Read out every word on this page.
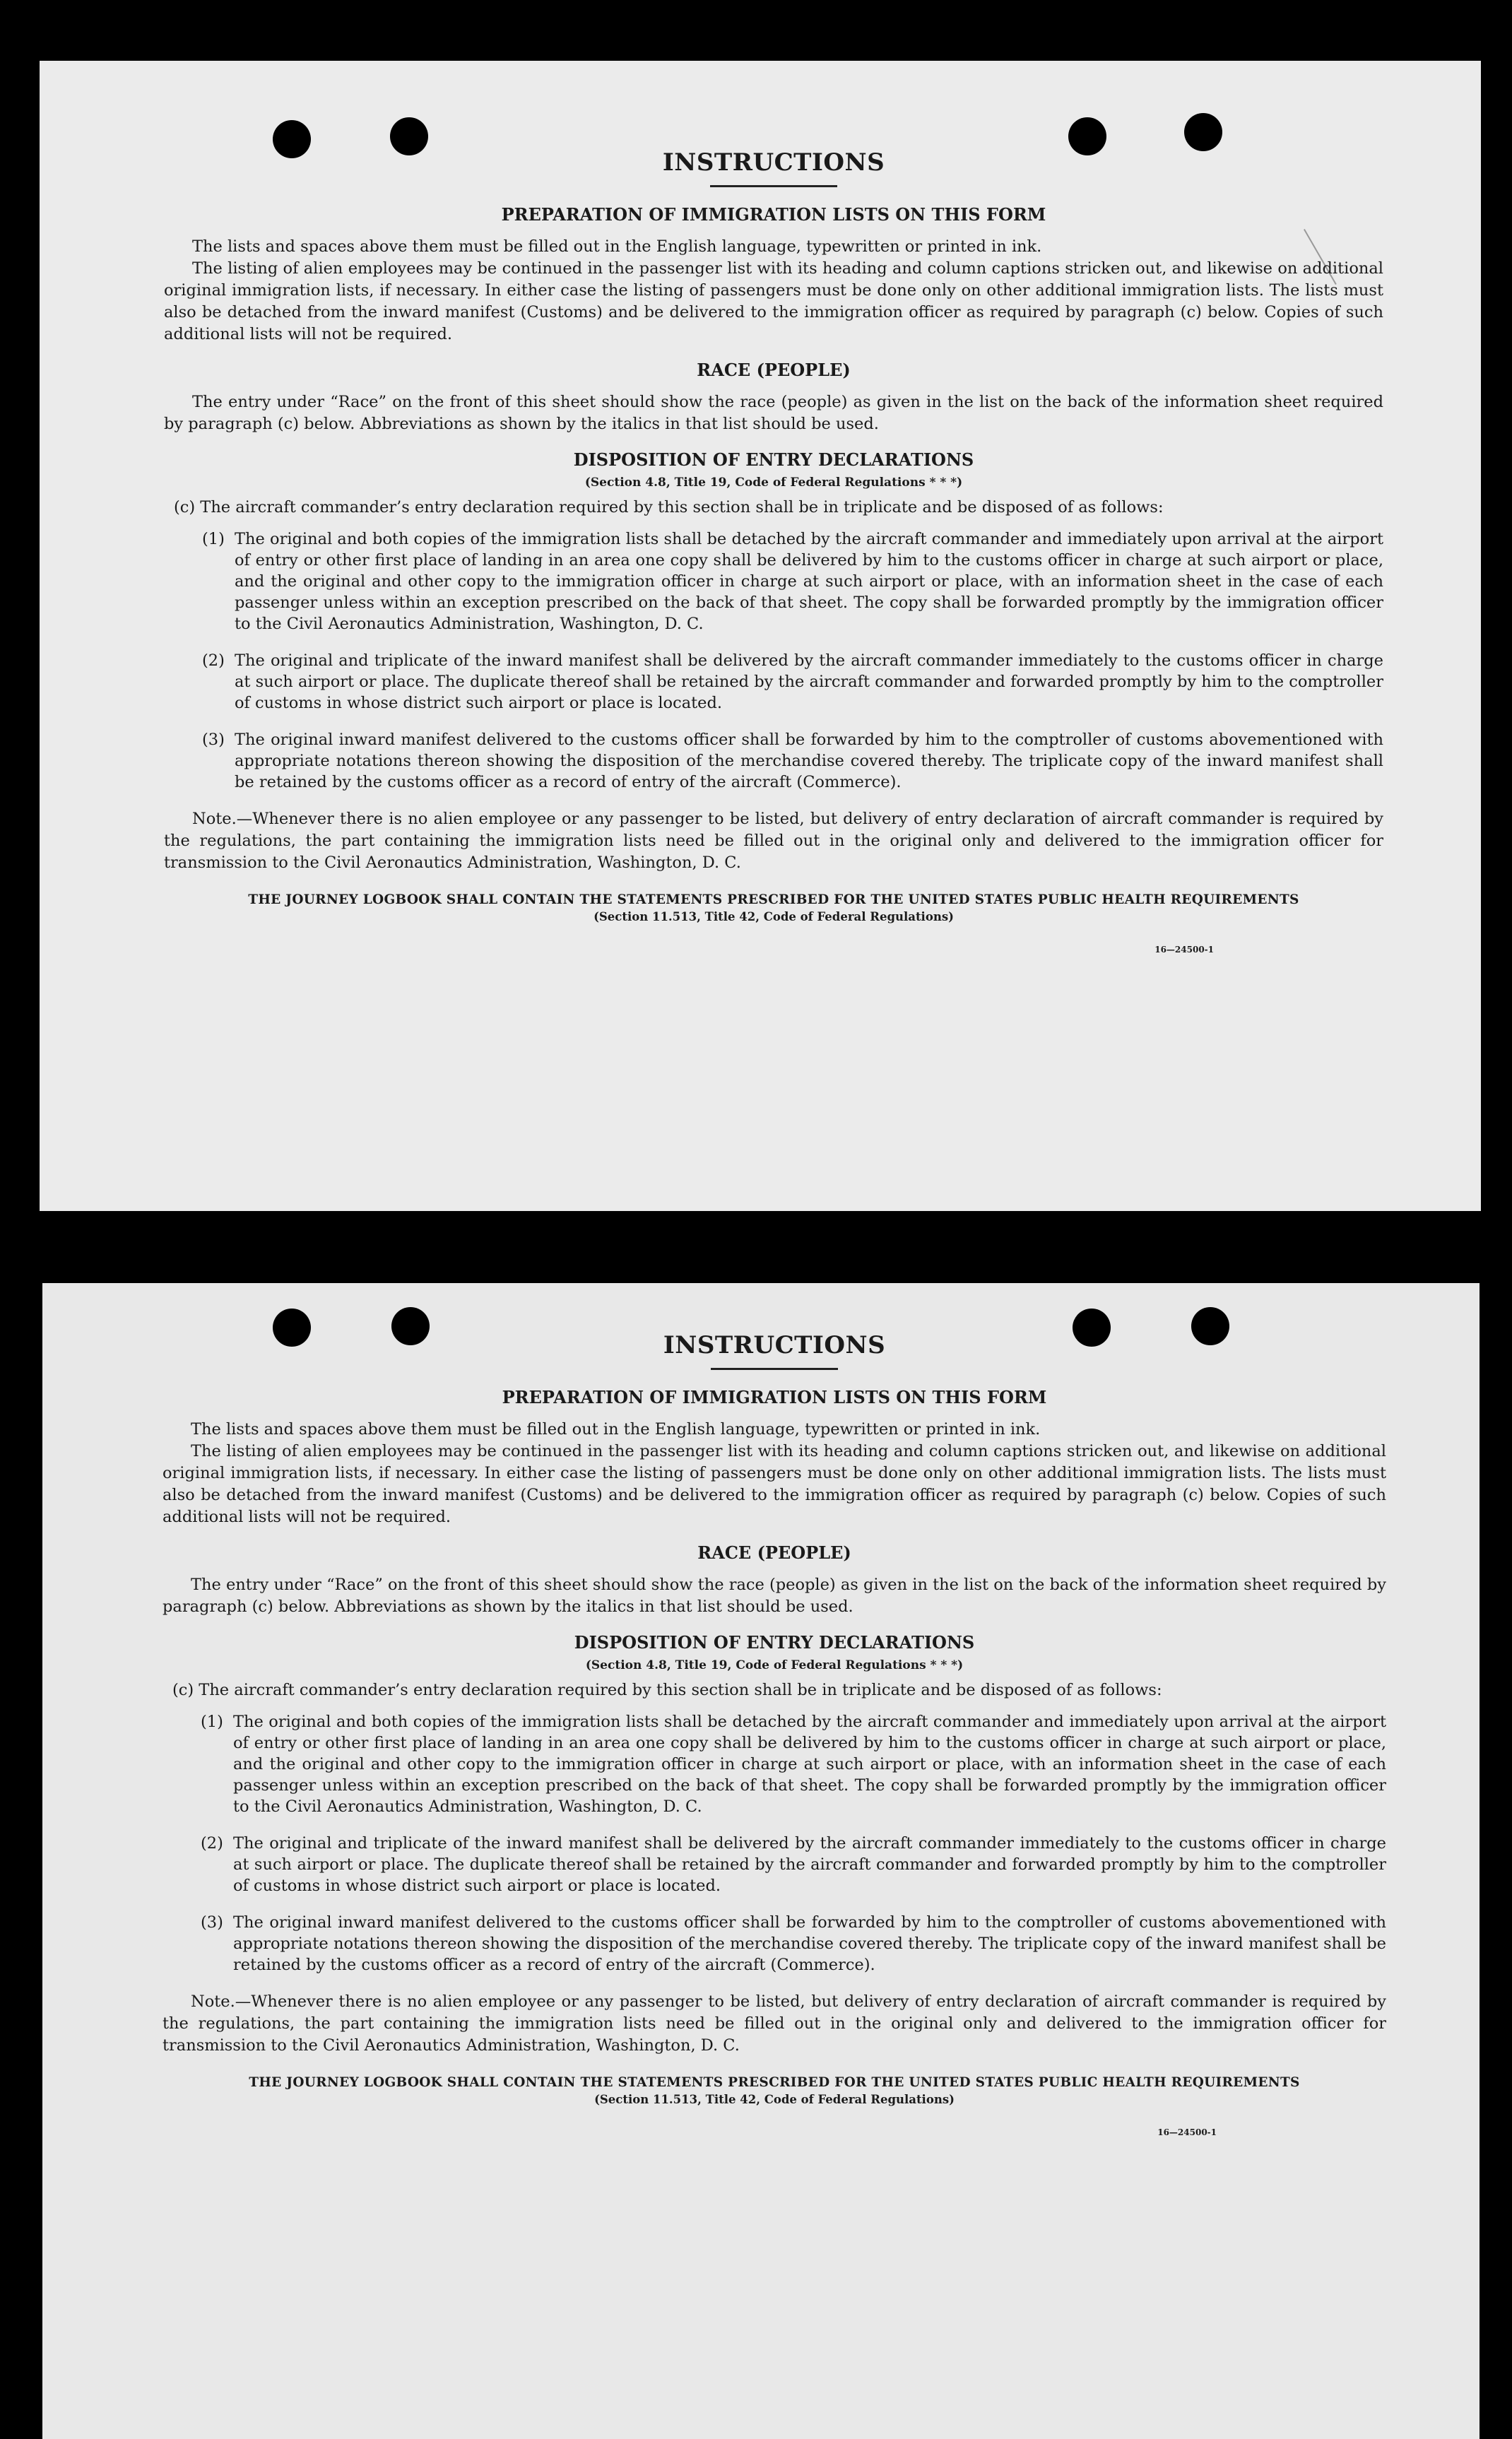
INSTRUCTIONS
PREPARATION OF IMMIGRATION LISTS ON THIS FORM

The lists and spaces above them must be filled out in the English language, typewritten or printed in ink.

The listing of alien employees may be continued in the passenger list with its heading and column captions stricken out, and likewise on additional original immigration lists, if necessary. In either case the listing of passengers must be done only on other additional immigration lists. The lists must also be detached from the inward manifest (Customs) and be delivered to the immigration officer as required by paragraph (c) below. Copies of such additional lists will not be required.

RACE (PEOPLE)

The entry under “Race” on the front of this sheet should show the race (people) as given in the list on the back of the information sheet required by paragraph (c) below. Abbreviations as shown by the italics in that list should be used.

DISPOSITION OF ENTRY DECLARATIONS

(Section 4.8, Title 19, Code of Federal Regulations * * *)

(c) The aircraft commander’s entry declaration required by this section shall be in triplicate and be disposed of as follows:

(1) The original and both copies of the immigration lists shall be detached by the aircraft commander and immediately upon arrival at the airport of entry or other first place of landing in an area one copy shall be delivered by him to the customs officer in charge at such airport or place, and the original and other copy to the immigration officer in charge at such airport or place, with an information sheet in the case of each passenger unless within an exception prescribed on the back of that sheet. The copy shall be forwarded promptly by the immigration officer to the Civil Aeronautics Administration, Washington, D. C.
(2) The original and triplicate of the inward manifest shall be delivered by the aircraft commander immediately to the customs officer in charge at such airport or place. The duplicate thereof shall be retained by the aircraft commander and forwarded promptly by him to the comptroller of customs in whose district such airport or place is located.
(3) The original inward manifest delivered to the customs officer shall be forwarded by him to the comptroller of customs abovementioned with appropriate notations thereon showing the disposition of the merchandise covered thereby. The triplicate copy of the inward manifest shall be retained by the customs officer as a record of entry of the aircraft (Commerce).

Note.—Whenever there is no alien employee or any passenger to be listed, but delivery of entry declaration of aircraft commander is required by the regulations, the part containing the immigration lists need be filled out in the original only and delivered to the immigration officer for transmission to the Civil Aeronautics Administration, Washington, D. C.

THE JOURNEY LOGBOOK SHALL CONTAIN THE STATEMENTS PRESCRIBED FOR THE UNITED STATES PUBLIC HEALTH REQUIREMENTS

(Section 11.513, Title 42, Code of Federal Regulations)

16—24500-1

INSTRUCTIONS
PREPARATION OF IMMIGRATION LISTS ON THIS FORM

The lists and spaces above them must be filled out in the English language, typewritten or printed in ink.

The listing of alien employees may be continued in the passenger list with its heading and column captions stricken out, and likewise on additional original immigration lists, if necessary. In either case the listing of passengers must be done only on other additional immigration lists. The lists must also be detached from the inward manifest (Customs) and be delivered to the immigration officer as required by paragraph (c) below. Copies of such additional lists will not be required.

RACE (PEOPLE)

The entry under “Race” on the front of this sheet should show the race (people) as given in the list on the back of the information sheet required by paragraph (c) below. Abbreviations as shown by the italics in that list should be used.

DISPOSITION OF ENTRY DECLARATIONS

(Section 4.8, Title 19, Code of Federal Regulations * * *)

(c) The aircraft commander’s entry declaration required by this section shall be in triplicate and be disposed of as follows:

(1) The original and both copies of the immigration lists shall be detached by the aircraft commander and immediately upon arrival at the airport of entry or other first place of landing in an area one copy shall be delivered by him to the customs officer in charge at such airport or place, and the original and other copy to the immigration officer in charge at such airport or place, with an information sheet in the case of each passenger unless within an exception prescribed on the back of that sheet. The copy shall be forwarded promptly by the immigration officer to the Civil Aeronautics Administration, Washington, D. C.
(2) The original and triplicate of the inward manifest shall be delivered by the aircraft commander immediately to the customs officer in charge at such airport or place. The duplicate thereof shall be retained by the aircraft commander and forwarded promptly by him to the comptroller of customs in whose district such airport or place is located.
(3) The original inward manifest delivered to the customs officer shall be forwarded by him to the comptroller of customs abovementioned with appropriate notations thereon showing the disposition of the merchandise covered thereby. The triplicate copy of the inward manifest shall be retained by the customs officer as a record of entry of the aircraft (Commerce).

Note.—Whenever there is no alien employee or any passenger to be listed, but delivery of entry declaration of aircraft commander is required by the regulations, the part containing the immigration lists need be filled out in the original only and delivered to the immigration officer for transmission to the Civil Aeronautics Administration, Washington, D. C.

THE JOURNEY LOGBOOK SHALL CONTAIN THE STATEMENTS PRESCRIBED FOR THE UNITED STATES PUBLIC HEALTH REQUIREMENTS

(Section 11.513, Title 42, Code of Federal Regulations)

16—24500-1
